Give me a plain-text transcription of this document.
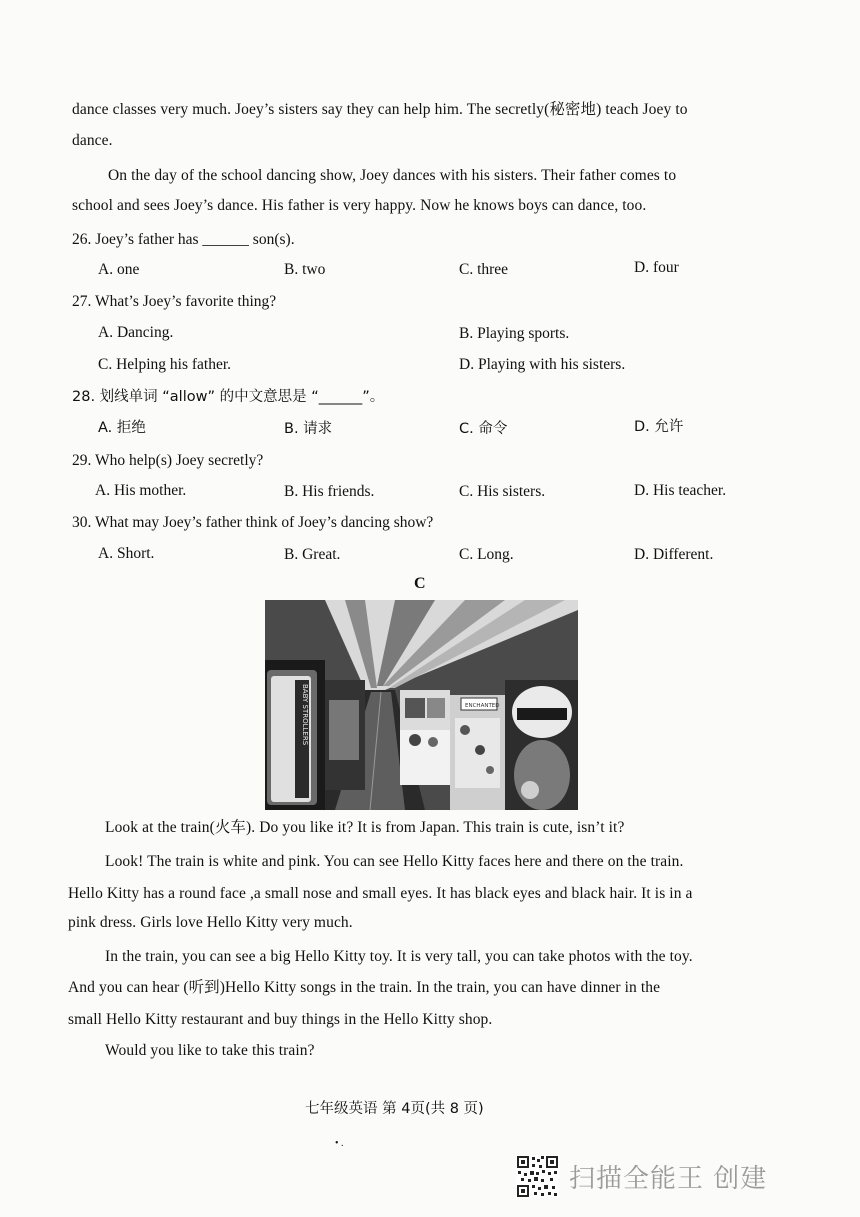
dance classes very much. Joey’s sisters say they can help him. The secretly(秘密地) teach Joey to
dance.
On the day of the school dancing show, Joey dances with his sisters. Their father comes to
school and sees Joey’s dance. His father is very happy. Now he knows boys can dance, too.
26. Joey’s father has ______ son(s).
A. one	B. two	C. three	D. four
27. What’s Joey’s favorite thing?
A. Dancing.	B. Playing sports.
C. Helping his father.	D. Playing with his sisters.
28. 划线单词 “allow” 的中文意思是 “______”。
A. 拒绝	B. 请求	C. 命令	D. 允许
29. Who help(s) Joey secretly?
A. His mother.	B. His friends.	C. His sisters.	D. His teacher.
30. What may Joey’s father think of Joey’s dancing show?
A. Short.	B. Great.	C. Long.	D. Different.
C
BABY STROLLERS	ENCHANTED
Look at the train(火车). Do you like it? It is from Japan. This train is cute, isn’t it?
Look! The train is white and pink. You can see Hello Kitty faces here and there on the train.
Hello Kitty has a round face ,a small nose and small eyes. It has black eyes and black hair. It is in a
pink dress. Girls love Hello Kitty very much.
In the train, you can see a big Hello Kitty toy. It is very tall, you can take photos with the toy.
And you can hear (听到)Hello Kitty songs in the train. In the train, you can have dinner in the
small Hello Kitty restaurant and buy things in the Hello Kitty shop.
Would you like to take this train?
七年级英语 第 4页(共 8 页)
• .
扫描全能王 创建
